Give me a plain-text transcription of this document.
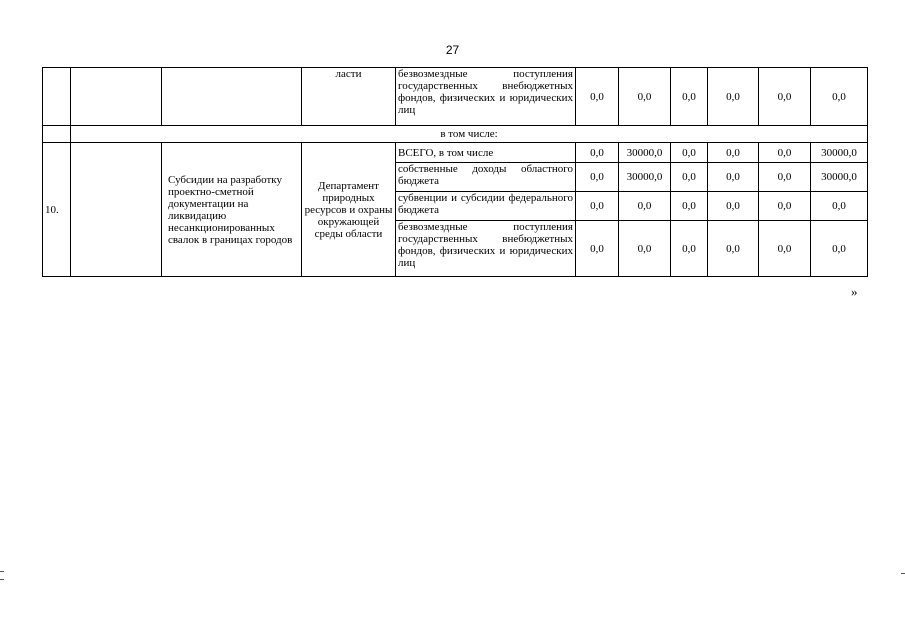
27
			ласти	безвозмездные поступления государственных внебюджетных фондов, физических и юридических лиц	0,0	0,0	0,0	0,0	0,0	0,0
	в том числе:									
10.		Субсидии на разработку проектно-сметной документации на ликвидацию несанкционированных свалок в границах городов	Департамент природных ресурсов и охраны окружающей среды области	ВСЕГО, в том числе	0,0	30000,0	0,0	0,0	0,0	30000,0
				собственные доходы областного бюджета	0,0	30000,0	0,0	0,0	0,0	30000,0
				субвенции и субсидии федерального бюджета	0,0	0,0	0,0	0,0	0,0	0,0
				безвозмездные поступления государственных внебюджетных фондов, физических и юридических лиц	0,0	0,0	0,0	0,0	0,0	0,0
»
